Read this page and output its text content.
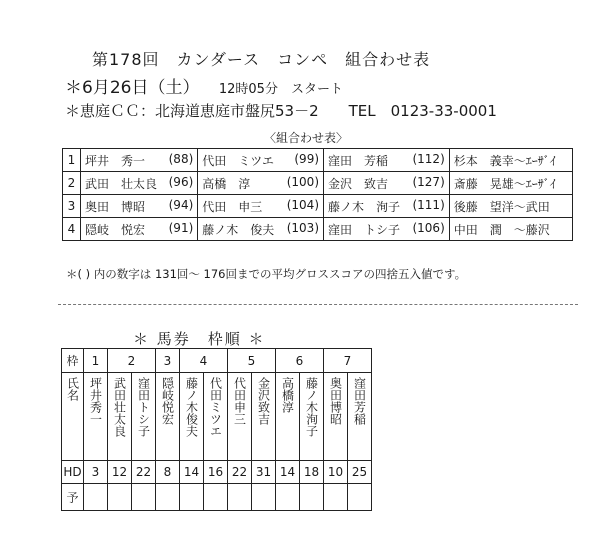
第178回　カンダース　コンペ　組合わせ表
＊6月26日（土） 12時05分　スタート
＊恵庭ＣＣ：北海道恵庭市盤尻53－2　　TEL　0123-33-0001
〈組合わせ表〉
1	坪井　秀一 (88)	代田　ミツエ (99)	窪田　芳稲 (112)	杉本　義幸～ｴｰｻﾞｲ

2	武田　壮太良 (96)	高橋　淳 (100)	金沢　致吉 (127)	斎藤　晃雄～ｴｰｻﾞｲ

3	奥田　博昭 (94)	代田　申三 (104)	藤ノ木　洵子 (111)	後藤　望洋～武田

4	隠岐　悦宏 (91)	藤ノ木　俊夫 (103)	窪田　トシ子 (106)	中田　潤　～藤沢
＊( ) 内の数字は 131回～ 176回までの平均グロススコアの四捨五入値です。
＊ 馬券　枠順 ＊
枠	1	2		3	4		5		6		7	

氏名	坪井秀一	武田壮太良	窪田トシ子	隠岐悦宏	藤ノ木俊夫	代田ミツエ	代田申三	金沢致吉	高橋淳	藤ノ木洵子	奥田博昭	窪田芳稲

HD	3	12	22	8	14	16	22	31	14	18	10	25
予												
